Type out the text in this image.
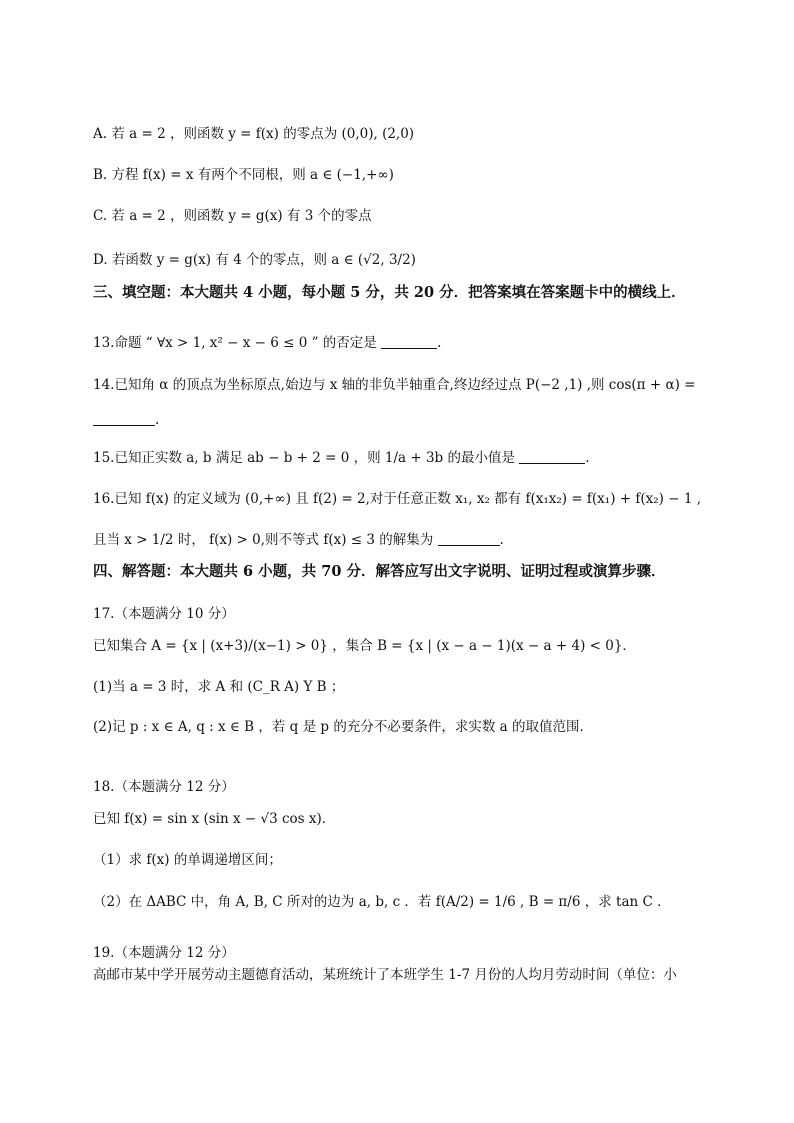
A. 若 a = 2 ，则函数 y = f(x) 的零点为 (0,0), (2,0)
B. 方程 f(x) = x 有两个不同根，则 a ∈ (−1,+∞)
C. 若 a = 2 ，则函数 y = g(x) 有 3 个的零点
D. 若函数 y = g(x) 有 4 个的零点，则 a ∈ (√2, 3/2)
三、填空题：本大题共 4 小题，每小题 5 分，共 20 分．把答案填在答案题卡中的横线上．
13.命题 “ ∀x > 1, x² − x − 6 ≤ 0 ” 的否定是	.
14.已知角 α 的顶点为坐标原点,始边与 x 轴的非负半轴重合,终边经过点 P(−2 ,1) ,则 cos(π + α) =
.
15.已知正实数 a, b 满足 ab − b + 2 = 0 ，则 1/a + 3b 的最小值是	.
16.已知 f(x) 的定义域为 (0,+∞) 且 f(2) = 2,对于任意正数 x₁, x₂ 都有 f(x₁x₂) = f(x₁) + f(x₂) − 1 ,
且当 x > 1/2 时， f(x) > 0,则不等式 f(x) ≤ 3 的解集为	.
四、解答题：本大题共 6 小题，共 70 分．解答应写出文字说明、证明过程或演算步骤．
17.（本题满分 10 分）
已知集合 A = {x | (x+3)/(x−1) > 0} ，集合 B = {x | (x − a − 1)(x − a + 4) < 0}．
(1)当 a = 3 时，求 A 和 (C_R A) Y B ；
(2)记 p : x ∈ A, q : x ∈ B ，若 q 是 p 的充分不必要条件，求实数 a 的取值范围．
18.（本题满分 12 分）
已知 f(x) = sin x (sin x − √3 cos x)．
（1）求 f(x) 的单调递增区间；
（2）在 ΔABC 中，角 A, B, C 所对的边为 a, b, c ．若 f(A/2) = 1/6 , B = π/6 ，求 tan C ．
19.（本题满分 12 分）
高邮市某中学开展劳动主题德育活动，某班统计了本班学生 1-7 月份的人均月劳动时间（单位：小
